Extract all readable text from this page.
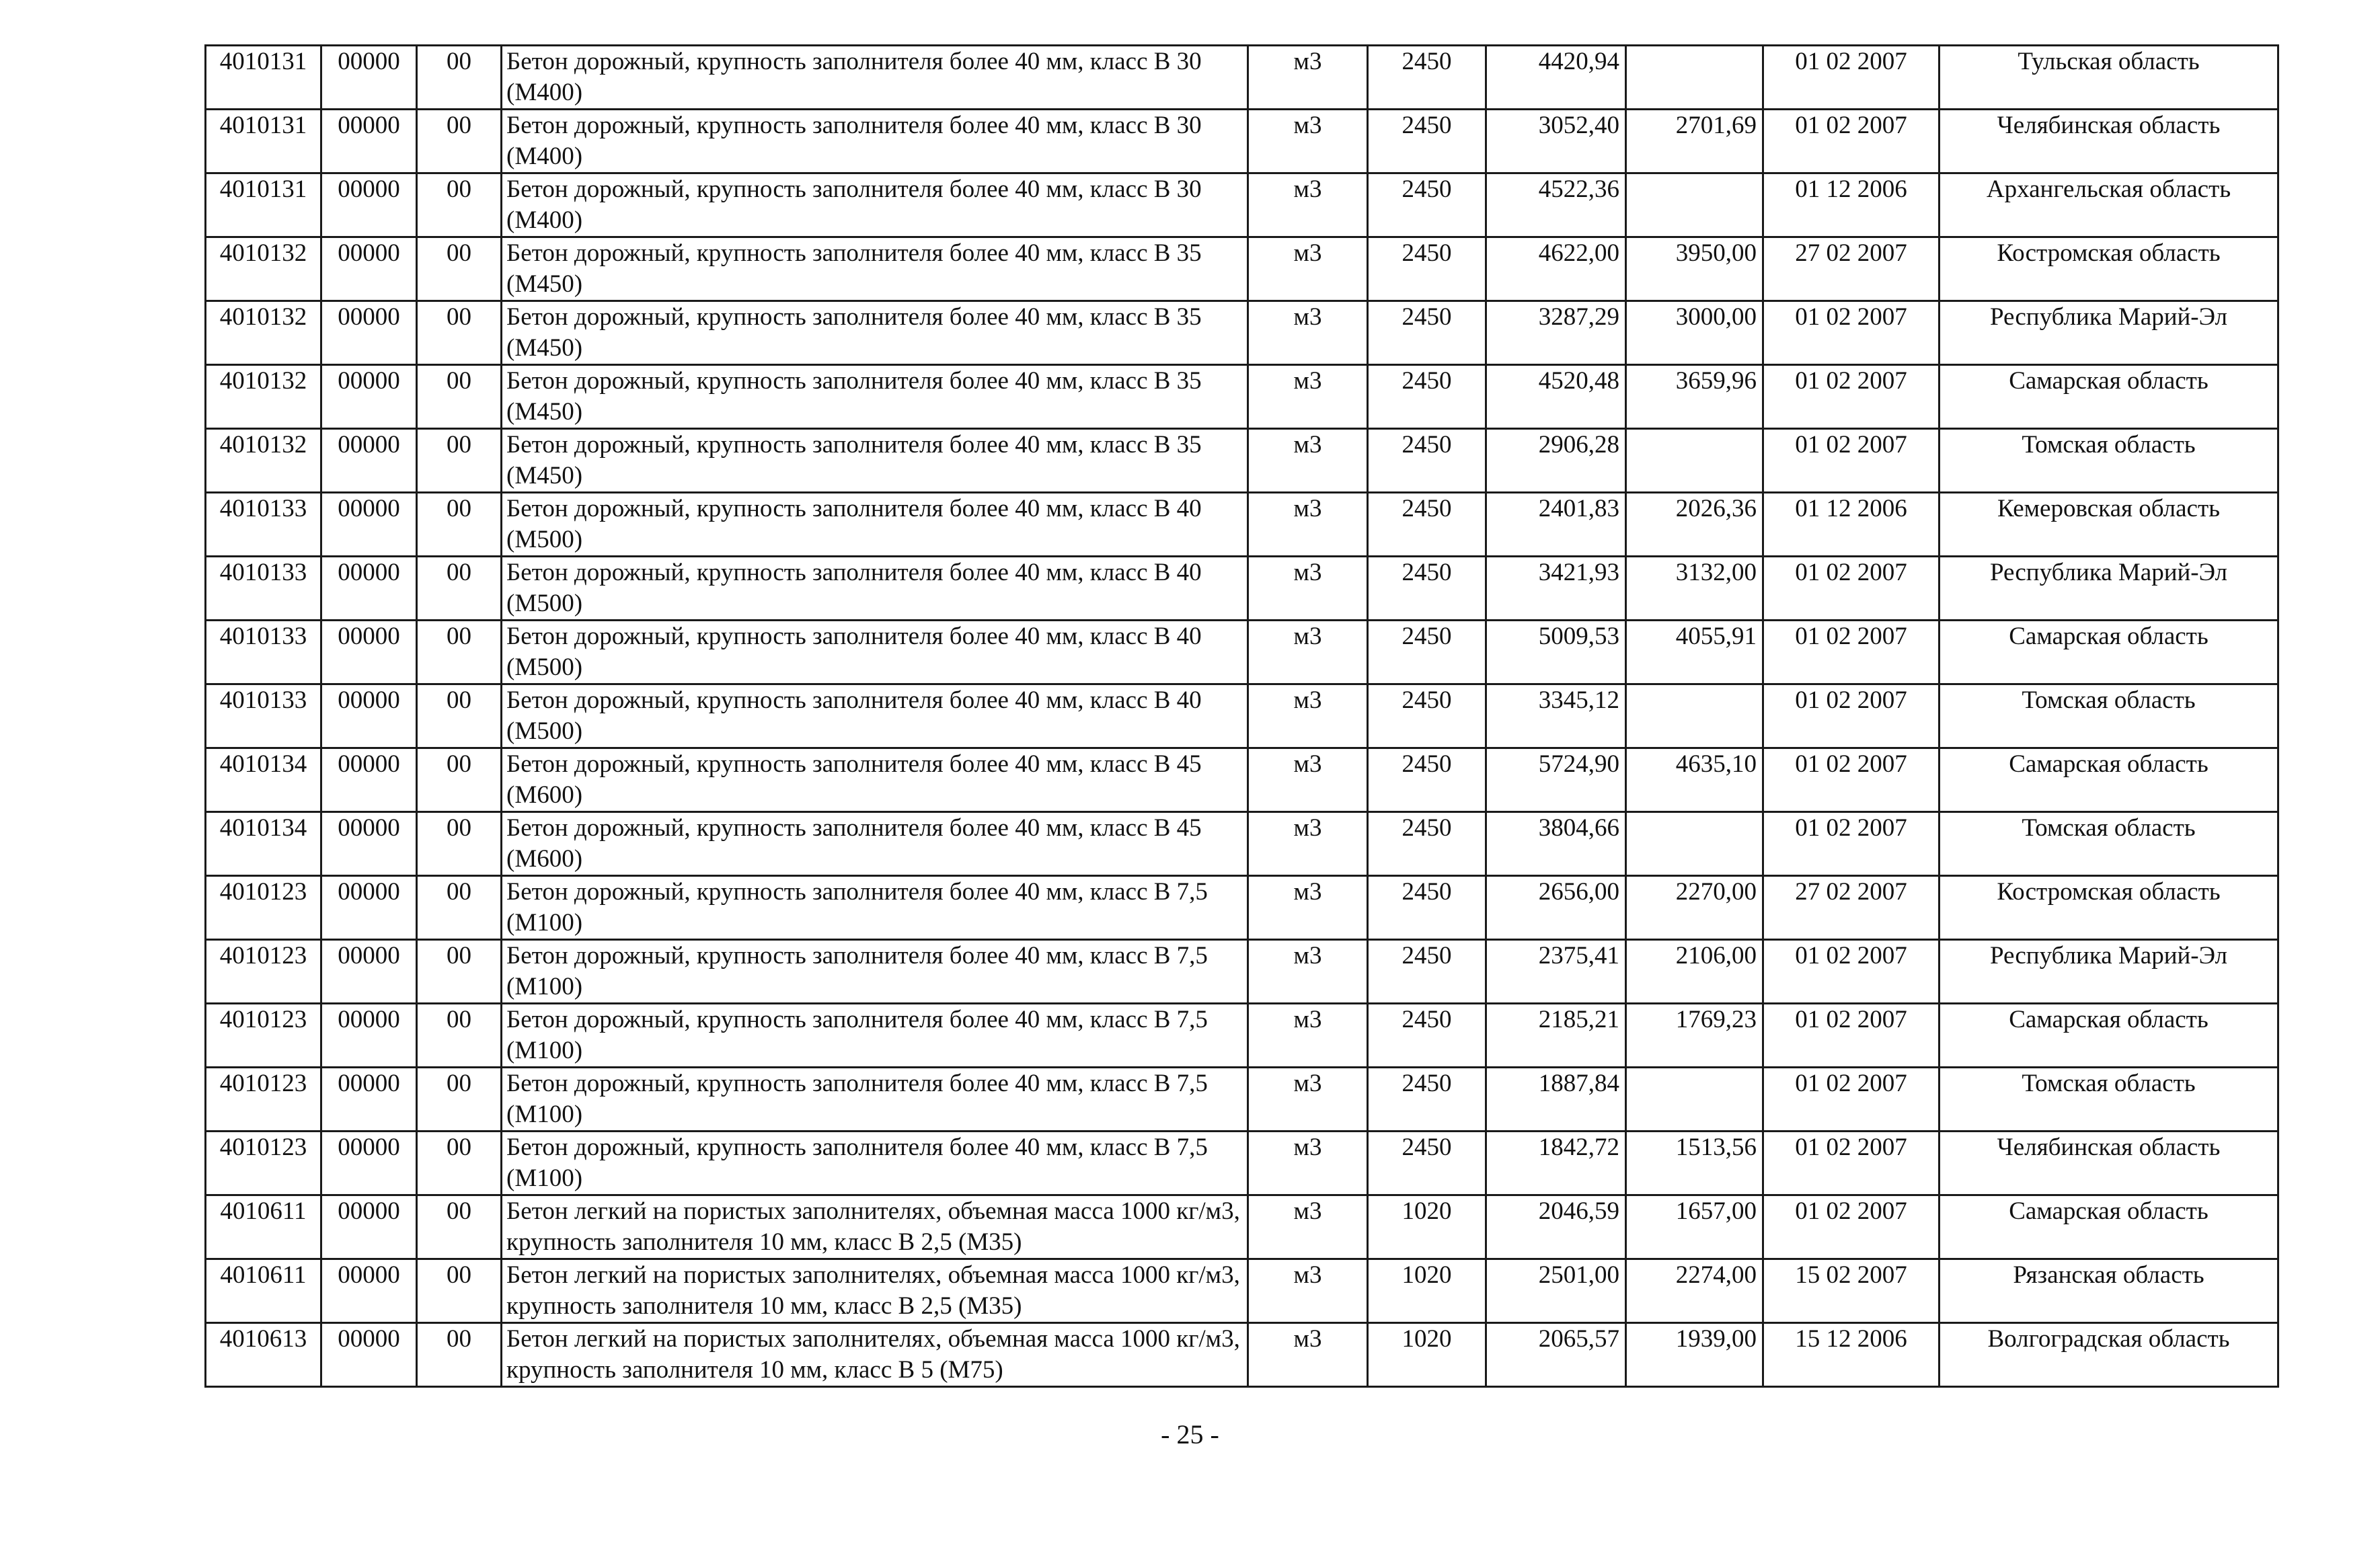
4010131	00000	00	Бетон дорожный, крупность заполнителя более 40 мм, класс В 30 (М400)	м3	2450	4420,94		01 02 2007	Тульская область
4010131	00000	00	Бетон дорожный, крупность заполнителя более 40 мм, класс В 30 (М400)	м3	2450	3052,40	2701,69	01 02 2007	Челябинская область
4010131	00000	00	Бетон дорожный, крупность заполнителя более 40 мм, класс В 30 (М400)	м3	2450	4522,36		01 12 2006	Архангельская область
4010132	00000	00	Бетон дорожный, крупность заполнителя более 40 мм, класс В 35 (М450)	м3	2450	4622,00	3950,00	27 02 2007	Костромская область
4010132	00000	00	Бетон дорожный, крупность заполнителя более 40 мм, класс В 35 (М450)	м3	2450	3287,29	3000,00	01 02 2007	Республика Марий-Эл
4010132	00000	00	Бетон дорожный, крупность заполнителя более 40 мм, класс В 35 (М450)	м3	2450	4520,48	3659,96	01 02 2007	Самарская область
4010132	00000	00	Бетон дорожный, крупность заполнителя более 40 мм, класс В 35 (М450)	м3	2450	2906,28		01 02 2007	Томская область
4010133	00000	00	Бетон дорожный, крупность заполнителя более 40 мм, класс В 40 (М500)	м3	2450	2401,83	2026,36	01 12 2006	Кемеровская область
4010133	00000	00	Бетон дорожный, крупность заполнителя более 40 мм, класс В 40 (М500)	м3	2450	3421,93	3132,00	01 02 2007	Республика Марий-Эл
4010133	00000	00	Бетон дорожный, крупность заполнителя более 40 мм, класс В 40 (М500)	м3	2450	5009,53	4055,91	01 02 2007	Самарская область
4010133	00000	00	Бетон дорожный, крупность заполнителя более 40 мм, класс В 40 (М500)	м3	2450	3345,12		01 02 2007	Томская область
4010134	00000	00	Бетон дорожный, крупность заполнителя более 40 мм, класс В 45 (М600)	м3	2450	5724,90	4635,10	01 02 2007	Самарская область
4010134	00000	00	Бетон дорожный, крупность заполнителя более 40 мм, класс В 45 (М600)	м3	2450	3804,66		01 02 2007	Томская область
4010123	00000	00	Бетон дорожный, крупность заполнителя более 40 мм, класс В 7,5 (М100)	м3	2450	2656,00	2270,00	27 02 2007	Костромская область
4010123	00000	00	Бетон дорожный, крупность заполнителя более 40 мм, класс В 7,5 (М100)	м3	2450	2375,41	2106,00	01 02 2007	Республика Марий-Эл
4010123	00000	00	Бетон дорожный, крупность заполнителя более 40 мм, класс В 7,5 (М100)	м3	2450	2185,21	1769,23	01 02 2007	Самарская область
4010123	00000	00	Бетон дорожный, крупность заполнителя более 40 мм, класс В 7,5 (М100)	м3	2450	1887,84		01 02 2007	Томская область
4010123	00000	00	Бетон дорожный, крупность заполнителя более 40 мм, класс В 7,5 (М100)	м3	2450	1842,72	1513,56	01 02 2007	Челябинская область
4010611	00000	00	Бетон легкий на пористых заполнителях, объемная масса 1000 кг/м3, крупность заполнителя 10 мм, класс В 2,5 (М35)	м3	1020	2046,59	1657,00	01 02 2007	Самарская область
4010611	00000	00	Бетон легкий на пористых заполнителях, объемная масса 1000 кг/м3, крупность заполнителя 10 мм, класс В 2,5 (М35)	м3	1020	2501,00	2274,00	15 02 2007	Рязанская область
4010613	00000	00	Бетон легкий на пористых заполнителях, объемная масса 1000 кг/м3, крупность заполнителя 10 мм, класс В 5 (М75)	м3	1020	2065,57	1939,00	15 12 2006	Волгоградская область
- 25 -
